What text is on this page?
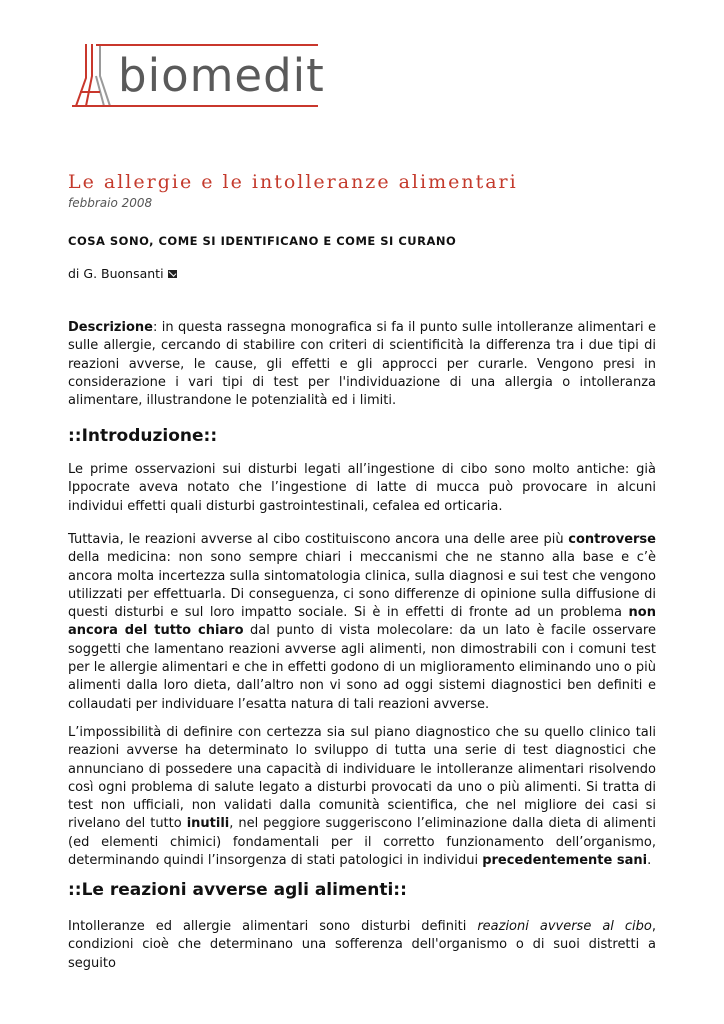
biomedit
Le allergie e le intolleranze alimentari
febbraio 2008
COSA SONO, COME SI IDENTIFICANO E COME SI CURANO
di G. Buonsanti
Descrizione: in questa rassegna monografica si fa il punto sulle intolleranze alimentari e sulle allergie, cercando di stabilire con criteri di scientificità la differenza tra i due tipi di reazioni avverse, le cause, gli effetti e gli approcci per curarle. Vengono presi in considerazione i vari tipi di test per l'individuazione di una allergia o intolleranza alimentare, illustrandone le potenzialità ed i limiti.
::Introduzione::
Le prime osservazioni sui disturbi legati all’ingestione di cibo sono molto antiche: già Ippocrate aveva notato che l’ingestione di latte di mucca può provocare in alcuni individui effetti quali disturbi gastrointestinali, cefalea ed orticaria.
Tuttavia, le reazioni avverse al cibo costituiscono ancora una delle aree più controverse della medicina: non sono sempre chiari i meccanismi che ne stanno alla base e c’è ancora molta incertezza sulla sintomatologia clinica, sulla diagnosi e sui test che vengono utilizzati per effettuarla. Di conseguenza, ci sono differenze di opinione sulla diffusione di questi disturbi e sul loro impatto sociale. Si è in effetti di fronte ad un problema non ancora del tutto chiaro dal punto di vista molecolare: da un lato è facile osservare soggetti che lamentano reazioni avverse agli alimenti, non dimostrabili con i comuni test per le allergie alimentari e che in effetti godono di un miglioramento eliminando uno o più alimenti dalla loro dieta, dall’altro non vi sono ad oggi sistemi diagnostici ben definiti e collaudati per individuare l’esatta natura di tali reazioni avverse.
L’impossibilità di definire con certezza sia sul piano diagnostico che su quello clinico tali reazioni avverse ha determinato lo sviluppo di tutta una serie di test diagnostici che annunciano di possedere una capacità di individuare le intolleranze alimentari risolvendo così ogni problema di salute legato a disturbi provocati da uno o più alimenti. Si tratta di test non ufficiali, non validati dalla comunità scientifica, che nel migliore dei casi si rivelano del tutto inutili, nel peggiore suggeriscono l’eliminazione dalla dieta di alimenti (ed elementi chimici) fondamentali per il corretto funzionamento dell’organismo, determinando quindi l’insorgenza di stati patologici in individui precedentemente sani.
::Le reazioni avverse agli alimenti::
Intolleranze ed allergie alimentari sono disturbi definiti reazioni avverse al cibo, condizioni cioè che determinano una sofferenza dell'organismo o di suoi distretti a seguito
